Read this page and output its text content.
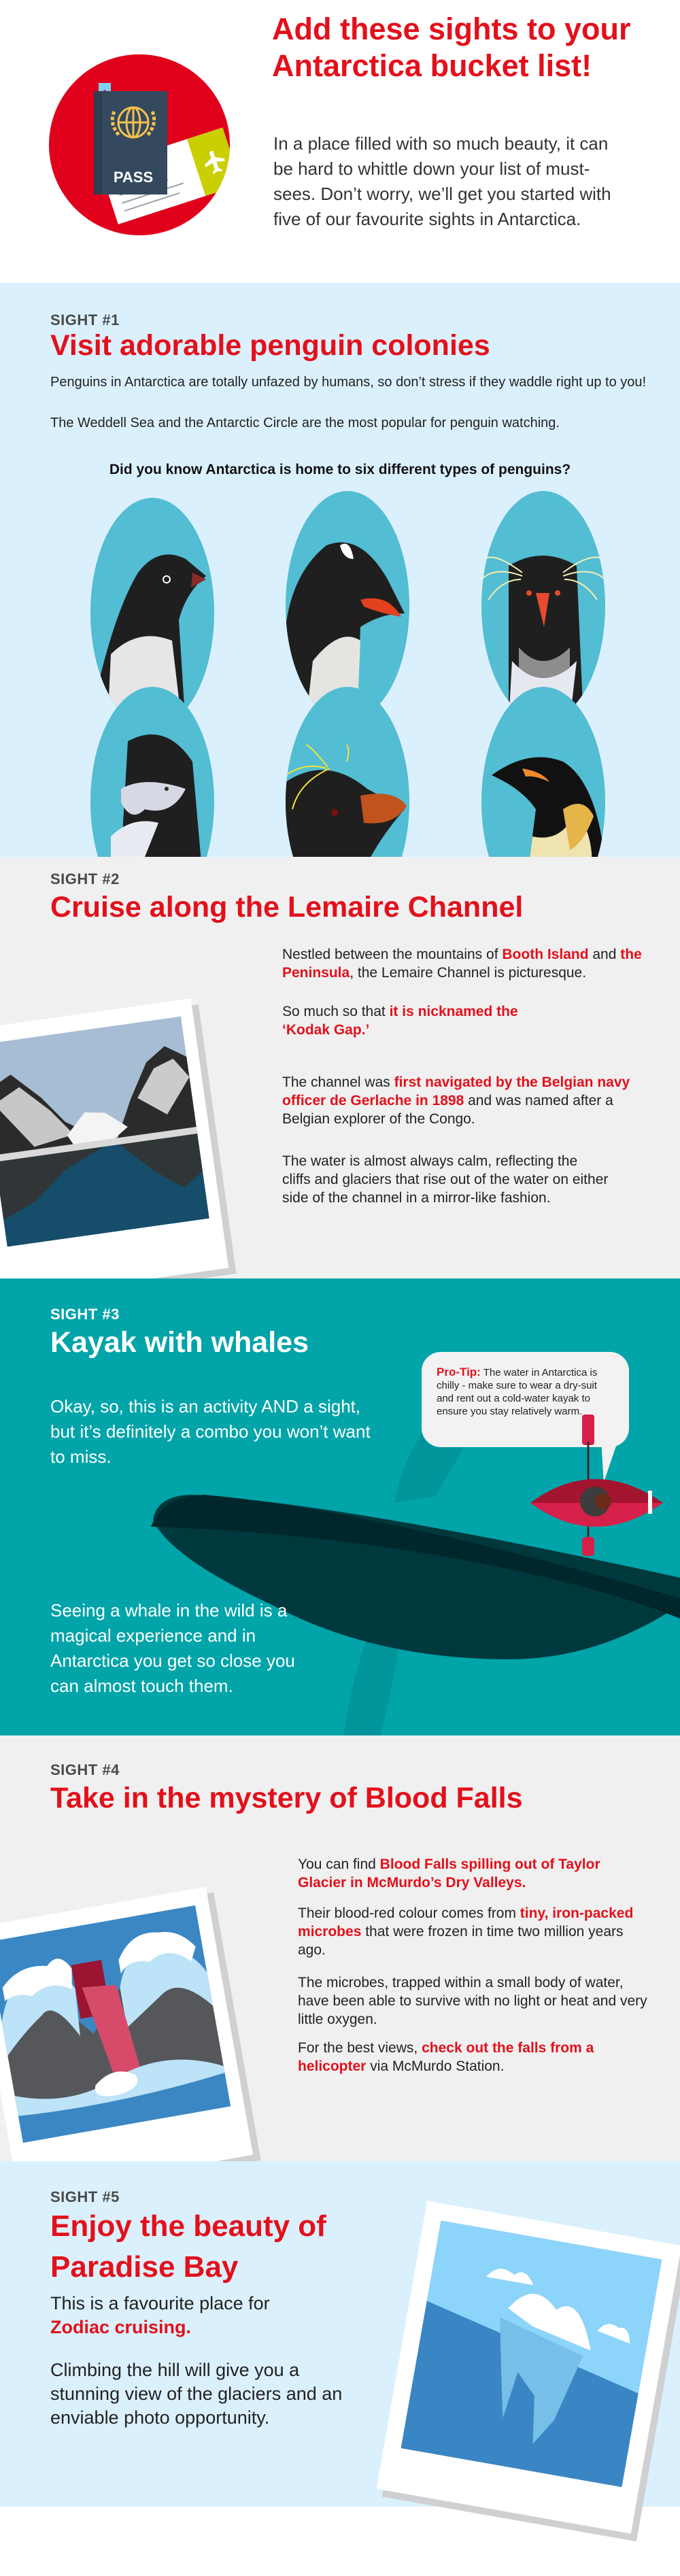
PASS
Add these sights to your Antarctica bucket list!

In a place filled with so much beauty, it can be hard to whittle down your list of must-sees. Don’t worry, we’ll get you started with five of our favourite sights in Antarctica.

SIGHT #1
Visit adorable penguin colonies

Penguins in Antarctica are totally unfazed by humans, so don’t stress if they waddle right up to you!

The Weddell Sea and the Antarctic Circle are the most popular for penguin watching.

Did you know Antarctica is home to six different types of penguins?

SIGHT #2
Cruise along the Lemaire Channel
Nestled between the mountains of Booth Island and the Peninsula, the Lemaire Channel is picturesque.
So much so that it is nicknamed the ‘Kodak Gap.’
The channel was first navigated by the Belgian navy officer de Gerlache in 1898 and was named after a Belgian explorer of the Congo.

The water is almost always calm, reflecting the cliffs and glaciers that rise out of the water on either side of the channel in a mirror-like fashion.

SIGHT #3
Kayak with whales

Okay, so, this is an activity AND a sight, but it’s definitely a combo you won’t want to miss.

Seeing a whale in the wild is a magical experience and in Antarctica you get so close you can almost touch them.

Pro-Tip: The water in Antarctica is chilly - make sure to wear a dry-suit and rent out a cold-water kayak to ensure you stay relatively warm.
SIGHT #4
Take in the mystery of Blood Falls
You can find Blood Falls spilling out of Taylor Glacier in McMurdo’s Dry Valleys.
Their blood-red colour comes from tiny, iron-packed microbes that were frozen in time two million years ago.

The microbes, trapped within a small body of water, have been able to survive with no light or heat and very little oxygen.

For the best views, check out the falls from a helicopter via McMurdo Station.
SIGHT #5
Enjoy the beauty of Paradise Bay
This is a favourite place for
Zodiac cruising.

Climbing the hill will give you a stunning view of the glaciers and an enviable photo opportunity.
